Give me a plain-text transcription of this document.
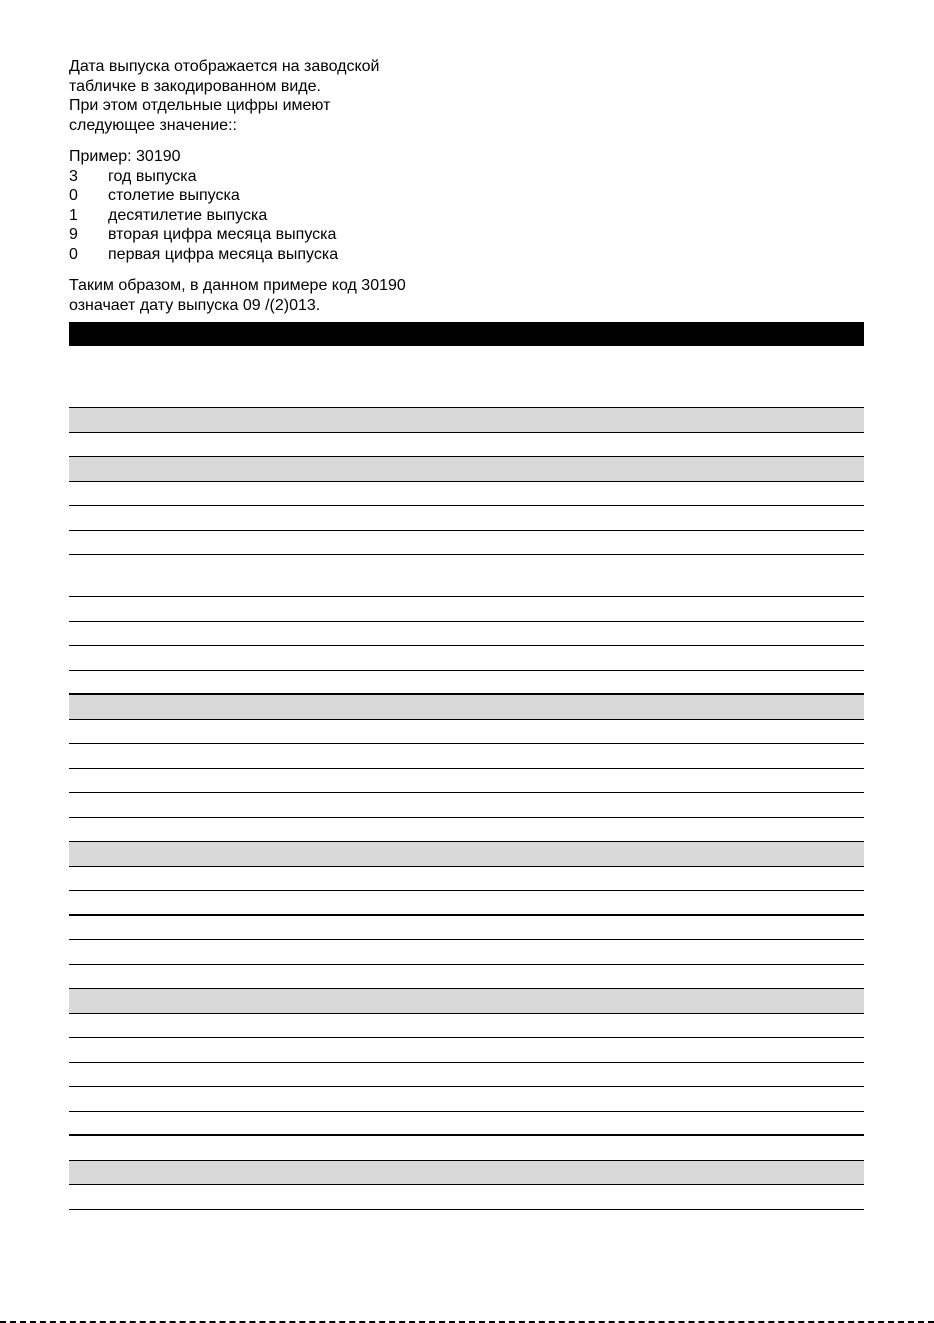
Дата выпуска отображается на заводской

табличке в закодированном виде.

При этом отдельные цифры имеют

следующее значение::

Пример: 30190

3	год выпуска
0	столетие выпуска
1	десятилетие выпуска
9	вторая цифра месяца выпуска
0	первая цифра месяца выпуска

Таким образом, в данном примере код 30190

означает дату выпуска 09 /(2)013.
